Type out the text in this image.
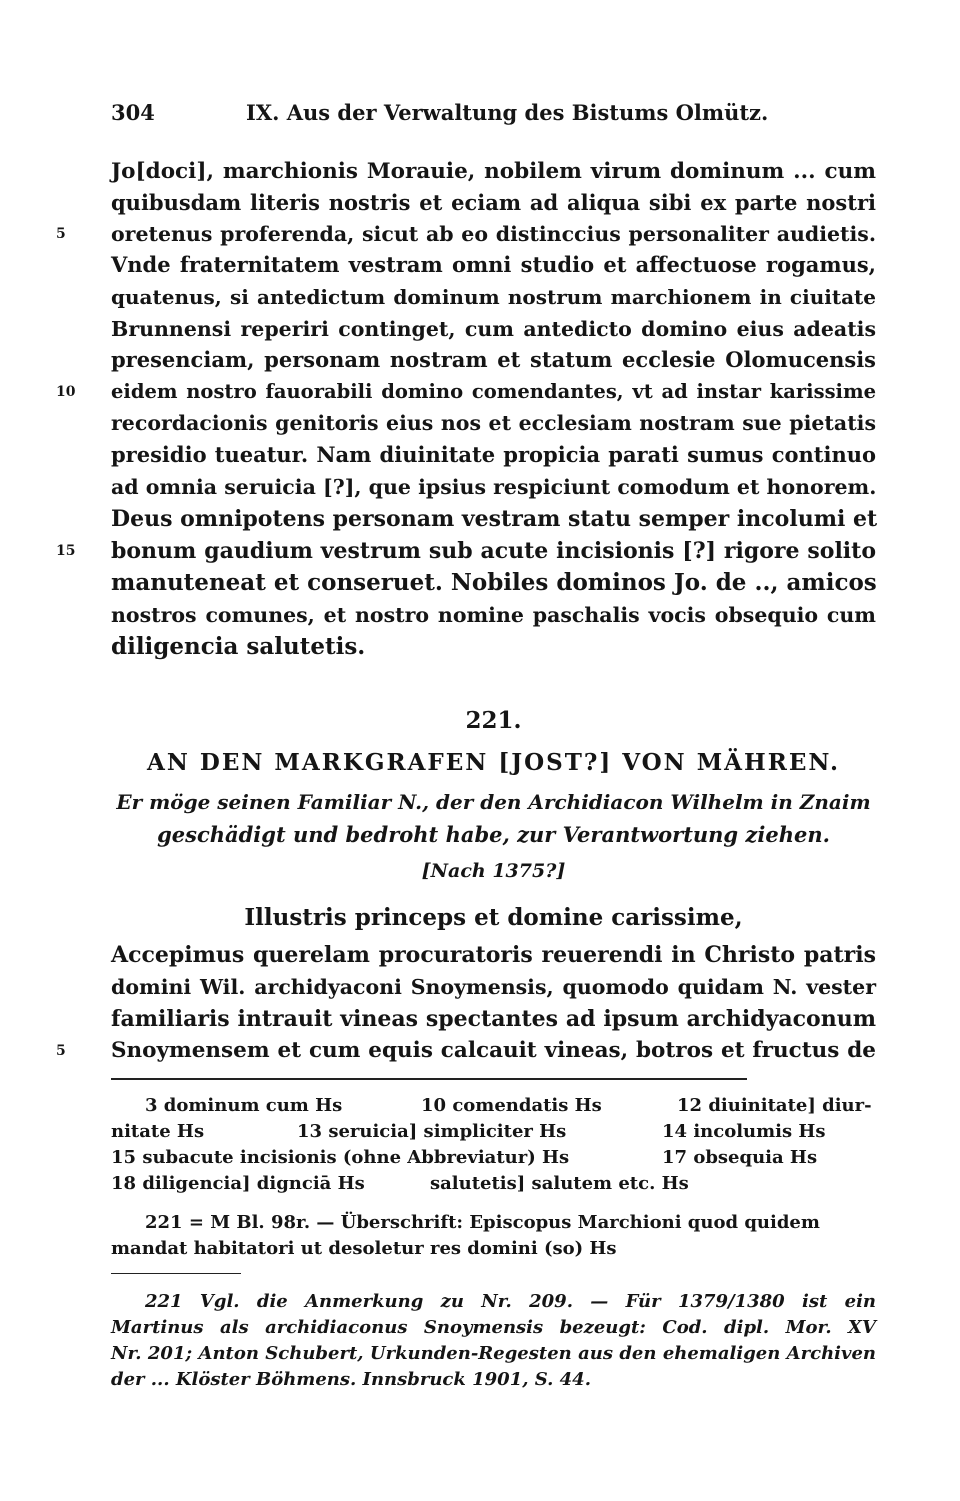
304	IX. Aus der Verwaltung des Bistums Olmütz.
Jo[doci], marchionis Morauie, nobilem virum dominum ... cum
quibusdam literis nostris et eciam ad aliqua sibi ex parte nostri
oretenus proferenda, sicut ab eo distinccius personaliter audietis.
Vnde fraternitatem vestram omni studio et affectuose rogamus,
quatenus, si antedictum dominum nostrum marchionem in ciuitate
Brunnensi reperiri continget, cum antedicto domino eius adeatis
presenciam, personam nostram et statum ecclesie Olomucensis
eidem nostro fauorabili domino comendantes, vt ad instar karissime
recordacionis genitoris eius nos et ecclesiam nostram sue pietatis
presidio tueatur. Nam diuinitate propicia parati sumus continuo
ad omnia seruicia [?], que ipsius respiciunt comodum et honorem.
Deus omnipotens personam vestram statu semper incolumi et
bonum gaudium vestrum sub acute incisionis [?] rigore solito
manuteneat et conseruet. Nobiles dominos Jo. de .., amicos
nostros comunes, et nostro nomine paschalis vocis obsequio cum
diligencia salutetis.
5
10
15
221.
AN DEN MARKGRAFEN [JOST?] VON MÄHREN.
Er möge seinen Familiar N., der den Archidiacon Wilhelm in Znaim
geschädigt und bedroht habe, zur Verantwortung ziehen.
[Nach 1375?]
Illustris princeps et domine carissime,
Accepimus querelam procuratoris reuerendi in Christo patris
domini Wil. archidyaconi Snoymensis, quomodo quidam N. vester
familiaris intrauit vineas spectantes ad ipsum archidyaconum
Snoymensem et cum equis calcauit vineas, botros et fructus de
5
3 dominum cum Hs	10 comendatis Hs	12 diuinitate] diur-
nitate Hs	13 seruicia] simpliciter Hs	14 incolumis Hs
15 subacute incisionis (ohne Abbreviatur) Hs	17 obsequia Hs
18 diligencia] dignciā Hs	salutetis] salutem etc. Hs
221 = M Bl. 98r. — Überschrift: Episcopus Marchioni quod quidem
mandat habitatori ut desoletur res domini (so) Hs
221 Vgl. die Anmerkung zu Nr. 209. — Für 1379/1380 ist ein
Martinus als archidiaconus Snoymensis bezeugt: Cod. dipl. Mor. XV
Nr. 201; Anton Schubert, Urkunden-Regesten aus den ehemaligen Archiven
der ... Klöster Böhmens. Innsbruck 1901, S. 44.
